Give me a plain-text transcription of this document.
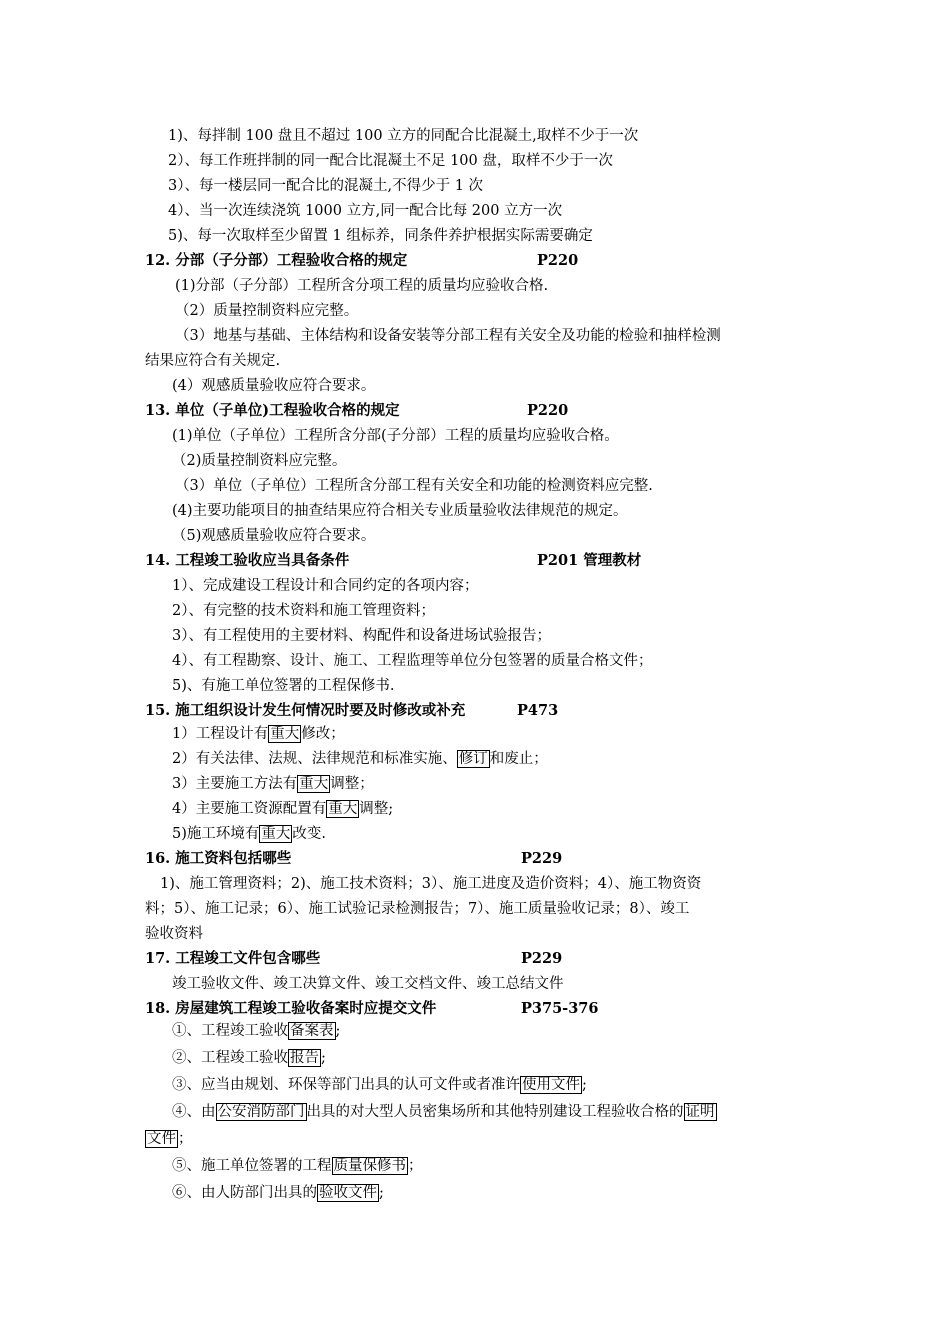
1)、每拌制 100 盘且不超过 100 立方的同配合比混凝土,取样不少于一次
2）、每工作班拌制的同一配合比混凝土不足 100 盘，取样不少于一次
3）、每一楼层同一配合比的混凝土,不得少于 1 次
4）、当一次连续浇筑 1000 立方,同一配合比每 200 立方一次
5)、每一次取样至少留置 1 组标养，同条件养护根据实际需要确定
12. 分部（子分部）工程验收合格的规定	P220
(1)分部（子分部）工程所含分项工程的质量均应验收合格.
（2）质量控制资料应完整。
（3）地基与基础、主体结构和设备安装等分部工程有关安全及功能的检验和抽样检测
结果应符合有关规定.
(4）观感质量验收应符合要求。
13. 单位（子单位)工程验收合格的规定	P220
(1)单位（子单位）工程所含分部(子分部）工程的质量均应验收合格。
（2)质量控制资料应完整。
（3）单位（子单位）工程所含分部工程有关安全和功能的检测资料应完整.
(4)主要功能项目的抽查结果应符合相关专业质量验收法律规范的规定。
（5)观感质量验收应符合要求。
14. 工程竣工验收应当具备条件	P201 管理教材
1）、完成建设工程设计和合同约定的各项内容；
2）、有完整的技术资料和施工管理资料；
3）、有工程使用的主要材料、构配件和设备进场试验报告；
4）、有工程勘察、设计、施工、工程监理等单位分包签署的质量合格文件；
5)、有施工单位签署的工程保修书.
15. 施工组织设计发生何情况时要及时修改或补充	P473
1）工程设计有 重大 修改；
2）有关法律、法规、法律规范和标准实施、 修订 和废止；
3）主要施工方法有 重大 调整；
4）主要施工资源配置有 重大 调整;
5)施工环境有 重大 改变.
16. 施工资料包括哪些	P229
1)、施工管理资料；2)、施工技术资料；3）、施工进度及造价资料；4）、施工物资资
料；5）、施工记录；6）、施工试验记录检测报告；7）、施工质量验收记录；8）、竣工
验收资料
17. 工程竣工文件包含哪些	P229
竣工验收文件、竣工决算文件、竣工交档文件、竣工总结文件
18. 房屋建筑工程竣工验收备案时应提交文件	P375-376
①、工程竣工验收 备案表 ;
②、工程竣工验收 报告 ;
③、应当由规划、环保等部门出具的认可文件或者准许 使用文件 ;
④、由 公安消防部门 出具的对大型人员密集场所和其他特别建设工程验收合格的 证明
文件 ；
⑤、施工单位签署的工程 质量保修书 ；
⑥、由人防部门出具的 验收文件 ;
